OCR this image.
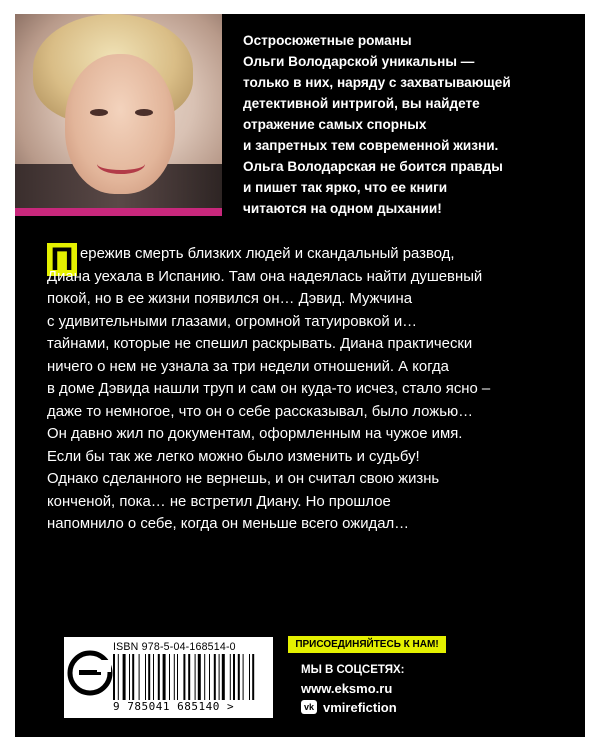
Остросюжетные романы

Ольги Володарской уникальны —

только в них, наряду с захватывающей

детективной интригой, вы найдете

отражение самых спорных

и запретных тем современной жизни.

Ольга Володарская не боится правды

и пишет так ярко, что ее книги

читаются на одном дыхании!

П ережив смерть близких людей и скандальный развод,

Диана уехала в Испанию. Там она надеялась найти душевный

покой, но в ее жизни появился он… Дэвид. Мужчина

с удивительными глазами, огромной татуировкой и…

тайнами, которые не спешил раскрывать. Диана практически

ничего о нем не узнала за три недели отношений. А когда

в доме Дэвида нашли труп и сам он куда-то исчез, стало ясно –

даже то немногое, что он о себе рассказывал, было ложью…

Он давно жил по документам, оформленным на чужое имя.

Если бы так же легко можно было изменить и судьбу!

Однако сделанного не вернешь, и он считал свою жизнь

конченой, пока… не встретил Диану. Но прошлое

напомнило о себе, когда он меньше всего ожидал…

ISBN 978-5-04-168514-0
9 785041 685140 >
ПРИСОЕДИНЯЙТЕСЬ К НАМ!
МЫ В СОЦСЕТЯХ:
www.eksmo.ru
vk vmirefiction
